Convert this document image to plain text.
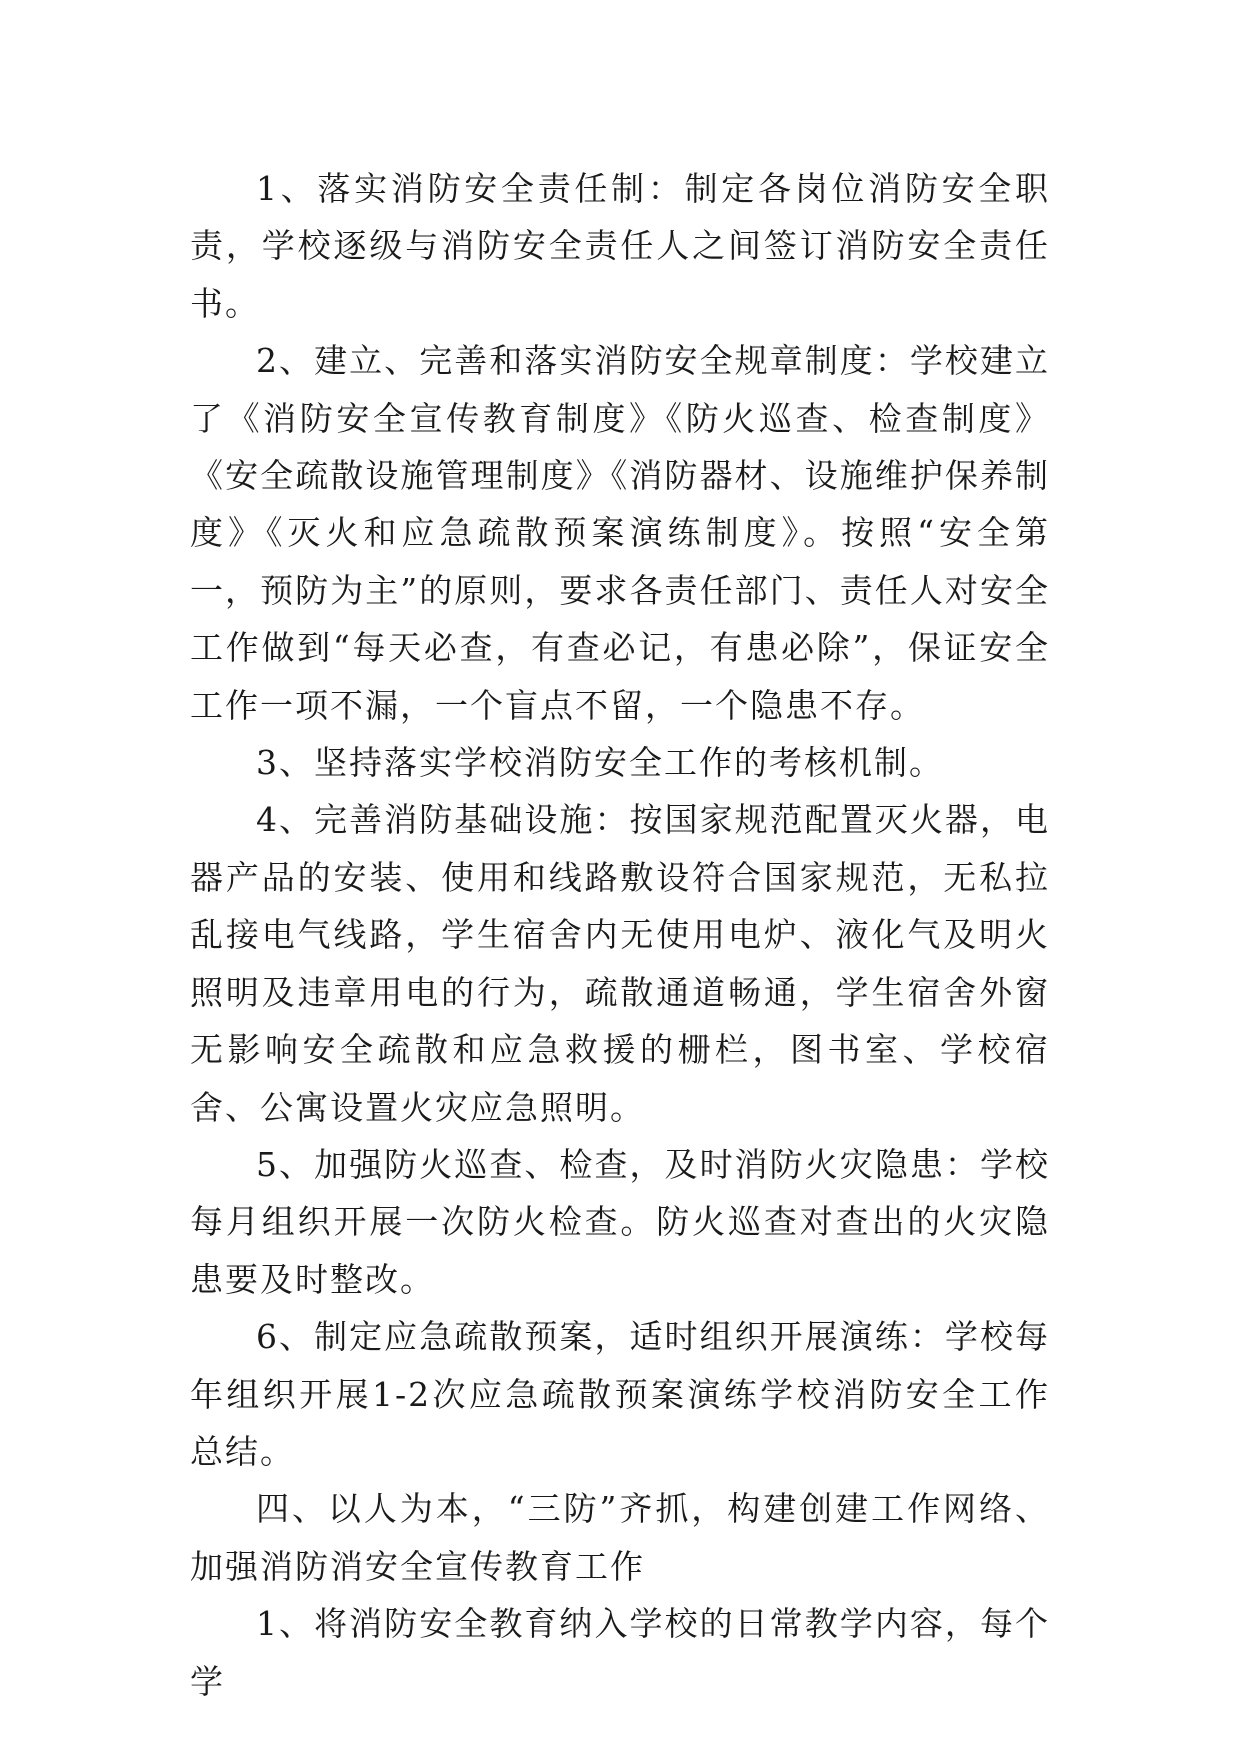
1、落实消防安全责任制：制定各岗位消防安全职责，学校逐级与消防安全责任人之间签订消防安全责任书。

2、建立、完善和落实消防安全规章制度：学校建立了《消防安全宣传教育制度》《防火巡查、检查制度》《安全疏散设施管理制度》《消防器材、设施维护保养制度》《灭火和应急疏散预案演练制度》。按照“安全第一，预防为主”的原则，要求各责任部门、责任人对安全工作做到“每天必查，有查必记，有患必除”，保证安全工作一项不漏，一个盲点不留，一个隐患不存。

3、坚持落实学校消防安全工作的考核机制。

4、完善消防基础设施：按国家规范配置灭火器，电器产品的安装、使用和线路敷设符合国家规范，无私拉乱接电气线路，学生宿舍内无使用电炉、液化气及明火照明及违章用电的行为，疏散通道畅通，学生宿舍外窗无影响安全疏散和应急救援的栅栏，图书室、学校宿舍、公寓设置火灾应急照明。

5、加强防火巡查、检查，及时消防火灾隐患：学校每月组织开展一次防火检查。防火巡查对查出的火灾隐患要及时整改。

6、制定应急疏散预案，适时组织开展演练：学校每年组织开展1-2次应急疏散预案演练学校消防安全工作总结。

四、以人为本，“三防”齐抓，构建创建工作网络、加强消防消安全宣传教育工作

1、将消防安全教育纳入学校的日常教学内容，每个学
